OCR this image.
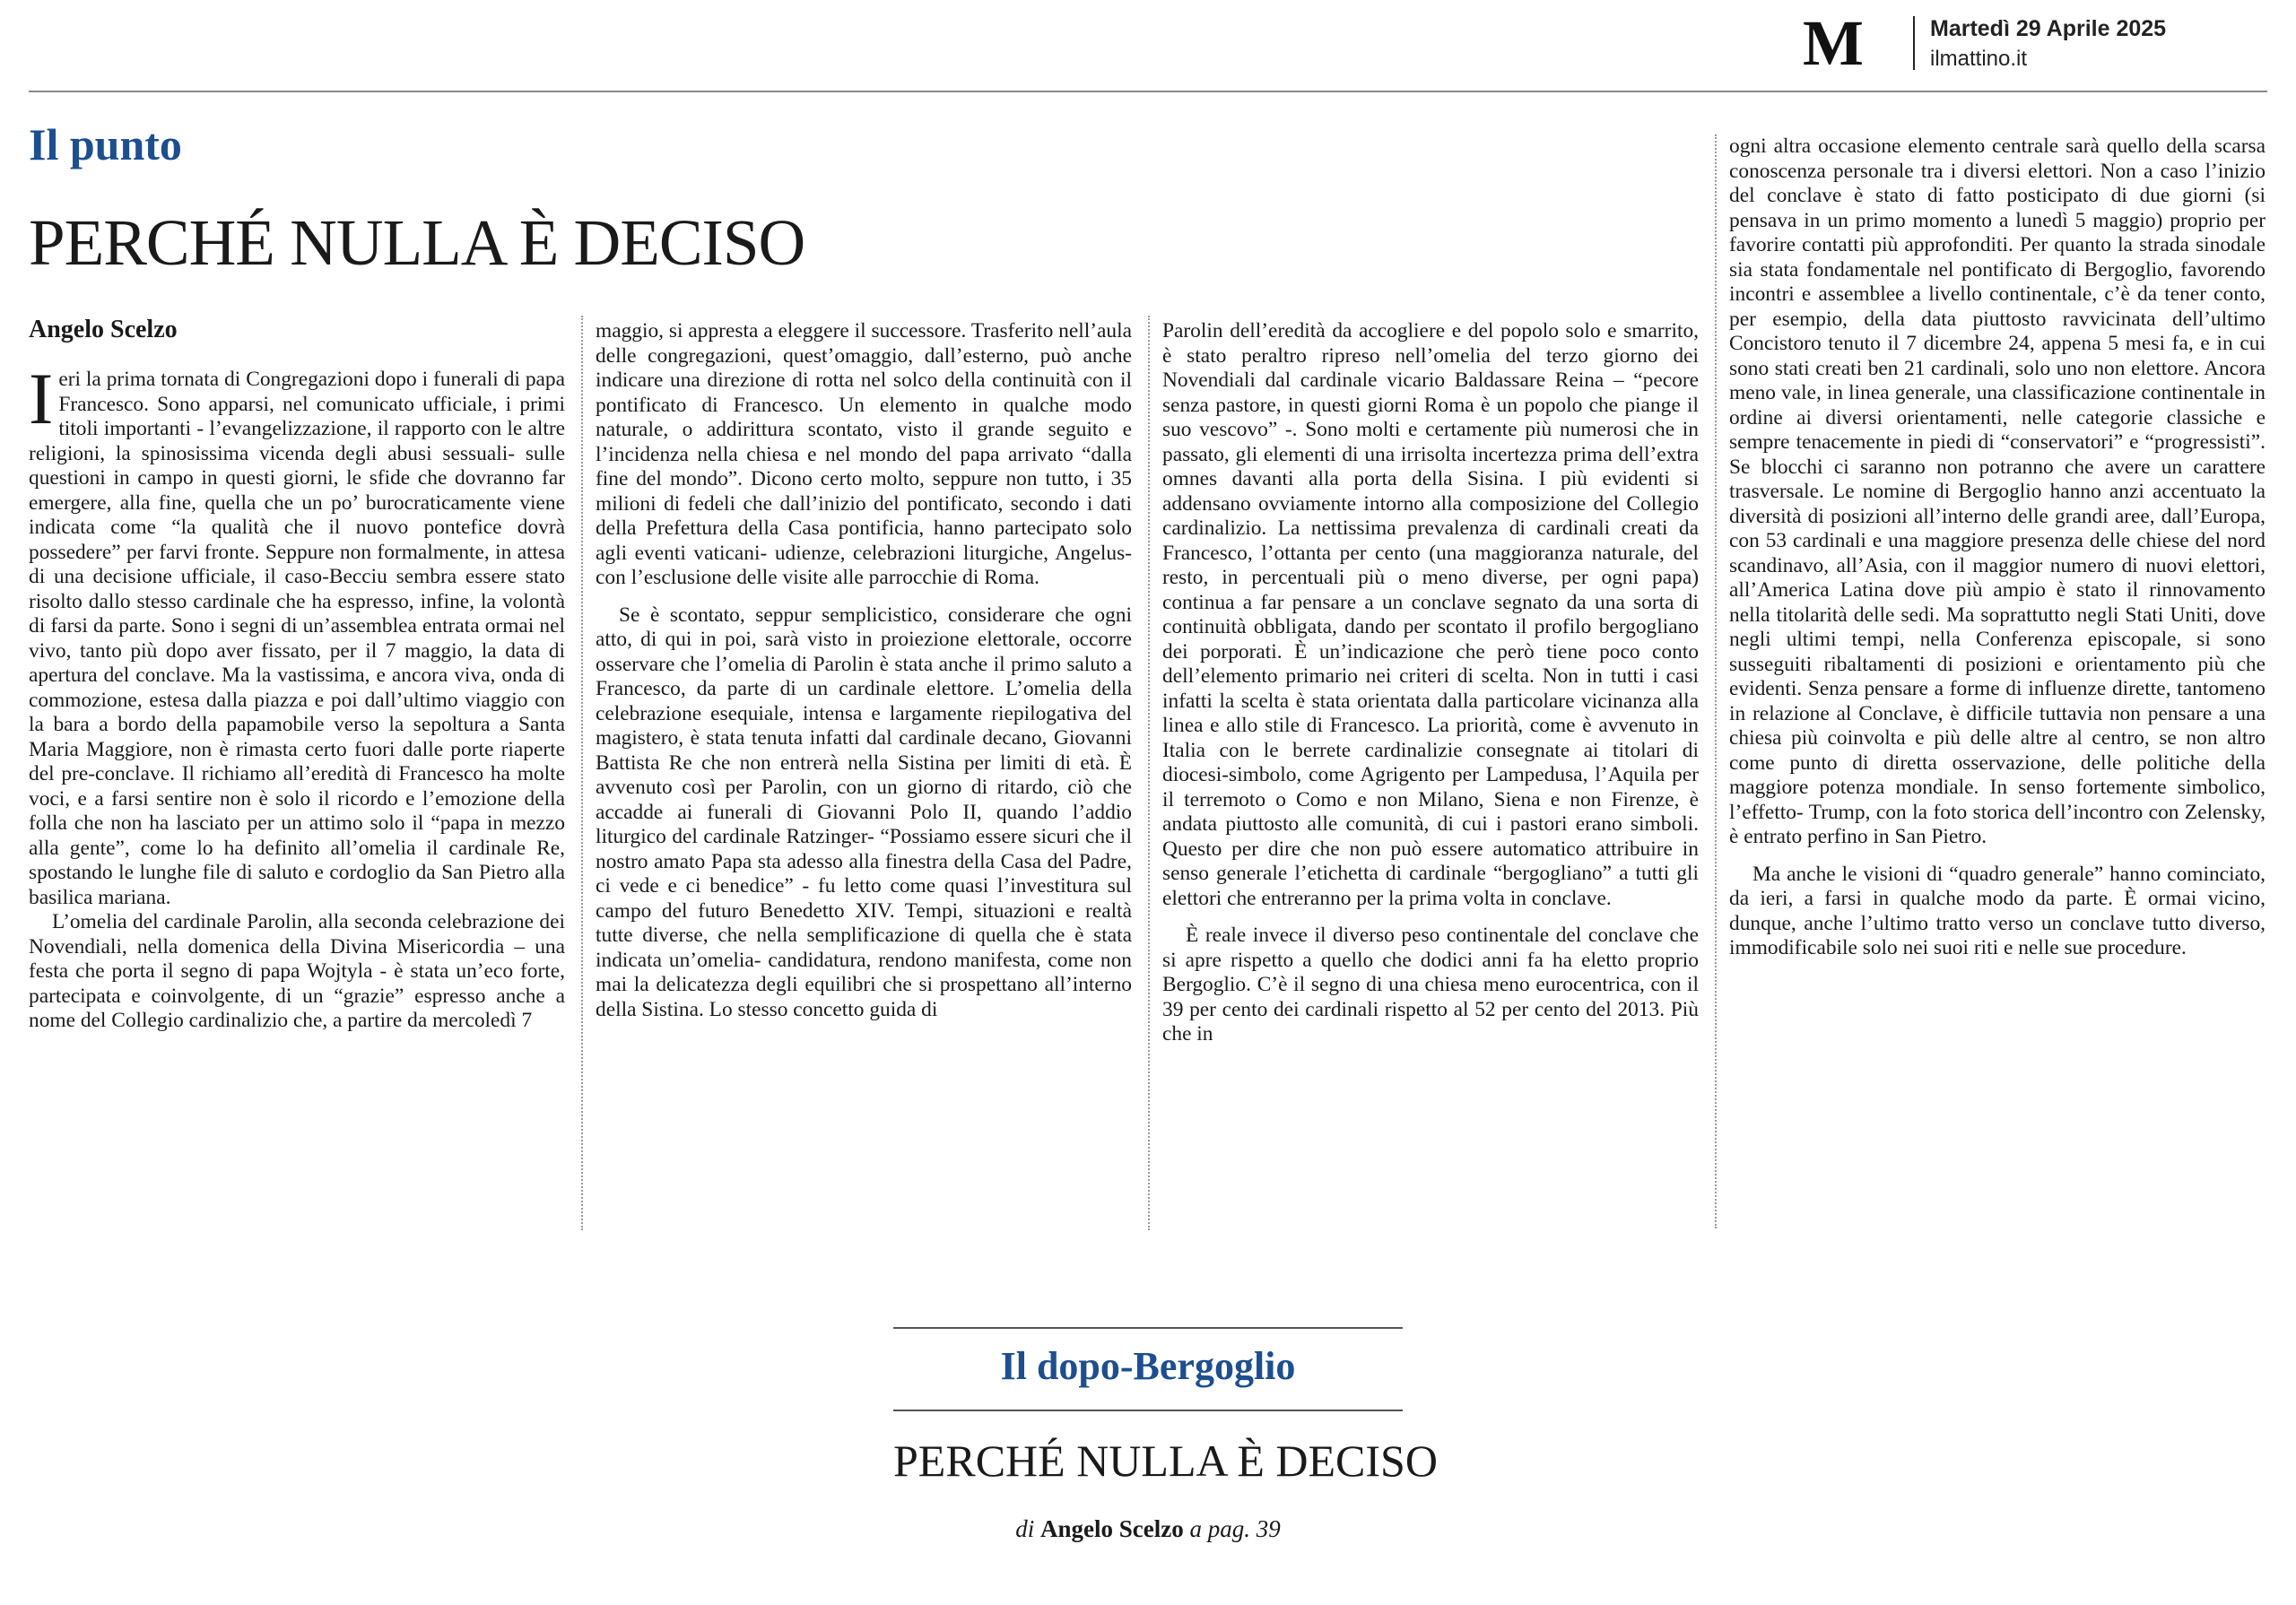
M	Martedì 29 Aprile 2025
ilmattino.it
Il punto
PERCHÉ NULLA È DECISO
Angelo Scelzo

Ieri la prima tornata di Congregazioni dopo i funerali di papa Francesco. Sono apparsi, nel comunicato ufficiale, i primi titoli importanti - l’evangelizzazione, il rapporto con le altre religioni, la spinosissima vicenda degli abusi sessuali- sulle questioni in campo in questi giorni, le sfide che dovranno far emergere, alla fine, quella che un po’ burocraticamente viene indicata come “la qualità che il nuovo pontefice dovrà possedere” per farvi fronte. Seppure non formalmente, in attesa di una decisione ufficiale, il caso-Becciu sembra essere stato risolto dallo stesso cardinale che ha espresso, infine, la volontà di farsi da parte. Sono i segni di un’assemblea entrata ormai nel vivo, tanto più dopo aver fissato, per il 7 maggio, la data di apertura del conclave. Ma la vastissima, e ancora viva, onda di commozione, estesa dalla piazza e poi dall’ultimo viaggio con la bara a bordo della papamobile verso la sepoltura a Santa Maria Maggiore, non è rimasta certo fuori dalle porte riaperte del pre-conclave. Il richiamo all’eredità di Francesco ha molte voci, e a farsi sentire non è solo il ricordo e l’emozione della folla che non ha lasciato per un attimo solo il “papa in mezzo alla gente”, come lo ha definito all’omelia il cardinale Re, spostando le lunghe file di saluto e cordoglio da San Pietro alla basilica mariana.

L’omelia del cardinale Parolin, alla seconda celebrazione dei Novendiali, nella domenica della Divina Misericordia – una festa che porta il segno di papa Wojtyla - è stata un’eco forte, partecipata e coinvolgente, di un “grazie” espresso anche a nome del Collegio cardinalizio che, a partire da mercoledì 7

maggio, si appresta a eleggere il successore. Trasferito nell’aula delle congregazioni, quest’omaggio, dall’esterno, può anche indicare una direzione di rotta nel solco della continuità con il pontificato di Francesco. Un elemento in qualche modo naturale, o addirittura scontato, visto il grande seguito e l’incidenza nella chiesa e nel mondo del papa arrivato “dalla fine del mondo”. Dicono certo molto, seppure non tutto, i 35 milioni di fedeli che dall’inizio del pontificato, secondo i dati della Prefettura della Casa pontificia, hanno partecipato solo agli eventi vaticani- udienze, celebrazioni liturgiche, Angelus- con l’esclusione delle visite alle parrocchie di Roma.

Se è scontato, seppur semplicistico, considerare che ogni atto, di qui in poi, sarà visto in proiezione elettorale, occorre osservare che l’omelia di Parolin è stata anche il primo saluto a Francesco, da parte di un cardinale elettore. L’omelia della celebrazione esequiale, intensa e largamente riepilogativa del magistero, è stata tenuta infatti dal cardinale decano, Giovanni Battista Re che non entrerà nella Sistina per limiti di età. È avvenuto così per Parolin, con un giorno di ritardo, ciò che accadde ai funerali di Giovanni Polo II, quando l’addio liturgico del cardinale Ratzinger- “Possiamo essere sicuri che il nostro amato Papa sta adesso alla finestra della Casa del Padre, ci vede e ci benedice” - fu letto come quasi l’investitura sul campo del futuro Benedetto XIV. Tempi, situazioni e realtà tutte diverse, che nella semplificazione di quella che è stata indicata un’omelia- candidatura, rendono manifesta, come non mai la delicatezza degli equilibri che si prospettano all’interno della Sistina. Lo stesso concetto guida di

Parolin dell’eredità da accogliere e del popolo solo e smarrito, è stato peraltro ripreso nell’omelia del terzo giorno dei Novendiali dal cardinale vicario Baldassare Reina – “pecore senza pastore, in questi giorni Roma è un popolo che piange il suo vescovo” -. Sono molti e certamente più numerosi che in passato, gli elementi di una irrisolta incertezza prima dell’extra omnes davanti alla porta della Sisina. I più evidenti si addensano ovviamente intorno alla composizione del Collegio cardinalizio. La nettissima prevalenza di cardinali creati da Francesco, l’ottanta per cento (una maggioranza naturale, del resto, in percentuali più o meno diverse, per ogni papa) continua a far pensare a un conclave segnato da una sorta di continuità obbligata, dando per scontato il profilo bergogliano dei porporati. È un’indicazione che però tiene poco conto dell’elemento primario nei criteri di scelta. Non in tutti i casi infatti la scelta è stata orientata dalla particolare vicinanza alla linea e allo stile di Francesco. La priorità, come è avvenuto in Italia con le berrete cardinalizie consegnate ai titolari di diocesi-simbolo, come Agrigento per Lampedusa, l’Aquila per il terremoto o Como e non Milano, Siena e non Firenze, è andata piuttosto alle comunità, di cui i pastori erano simboli. Questo per dire che non può essere automatico attribuire in senso generale l’etichetta di cardinale “bergogliano” a tutti gli elettori che entreranno per la prima volta in conclave.

È reale invece il diverso peso continentale del conclave che si apre rispetto a quello che dodici anni fa ha eletto proprio Bergoglio. C’è il segno di una chiesa meno eurocentrica, con il 39 per cento dei cardinali rispetto al 52 per cento del 2013. Più che in

ogni altra occasione elemento centrale sarà quello della scarsa conoscenza personale tra i diversi elettori. Non a caso l’inizio del conclave è stato di fatto posticipato di due giorni (si pensava in un primo momento a lunedì 5 maggio) proprio per favorire contatti più approfonditi. Per quanto la strada sinodale sia stata fondamentale nel pontificato di Bergoglio, favorendo incontri e assemblee a livello continentale, c’è da tener conto, per esempio, della data piuttosto ravvicinata dell’ultimo Concistoro tenuto il 7 dicembre 24, appena 5 mesi fa, e in cui sono stati creati ben 21 cardinali, solo uno non elettore. Ancora meno vale, in linea generale, una classificazione continentale in ordine ai diversi orientamenti, nelle categorie classiche e sempre tenacemente in piedi di “conservatori” e “progressisti”. Se blocchi ci saranno non potranno che avere un carattere trasversale. Le nomine di Bergoglio hanno anzi accentuato la diversità di posizioni all’interno delle grandi aree, dall’Europa, con 53 cardinali e una maggiore presenza delle chiese del nord scandinavo, all’Asia, con il maggior numero di nuovi elettori, all’America Latina dove più ampio è stato il rinnovamento nella titolarità delle sedi. Ma soprattutto negli Stati Uniti, dove negli ultimi tempi, nella Conferenza episcopale, si sono susseguiti ribaltamenti di posizioni e orientamento più che evidenti. Senza pensare a forme di influenze dirette, tantomeno in relazione al Conclave, è difficile tuttavia non pensare a una chiesa più coinvolta e più delle altre al centro, se non altro come punto di diretta osservazione, delle politiche della maggiore potenza mondiale. In senso fortemente simbolico, l’effetto- Trump, con la foto storica dell’incontro con Zelensky, è entrato perfino in San Pietro.

Ma anche le visioni di “quadro generale” hanno cominciato, da ieri, a farsi in qualche modo da parte. È ormai vicino, dunque, anche l’ultimo tratto verso un conclave tutto diverso, immodificabile solo nei suoi riti e nelle sue procedure.

Il dopo-Bergoglio
PERCHÉ NULLA È DECISO
di Angelo Scelzo a pag. 39
